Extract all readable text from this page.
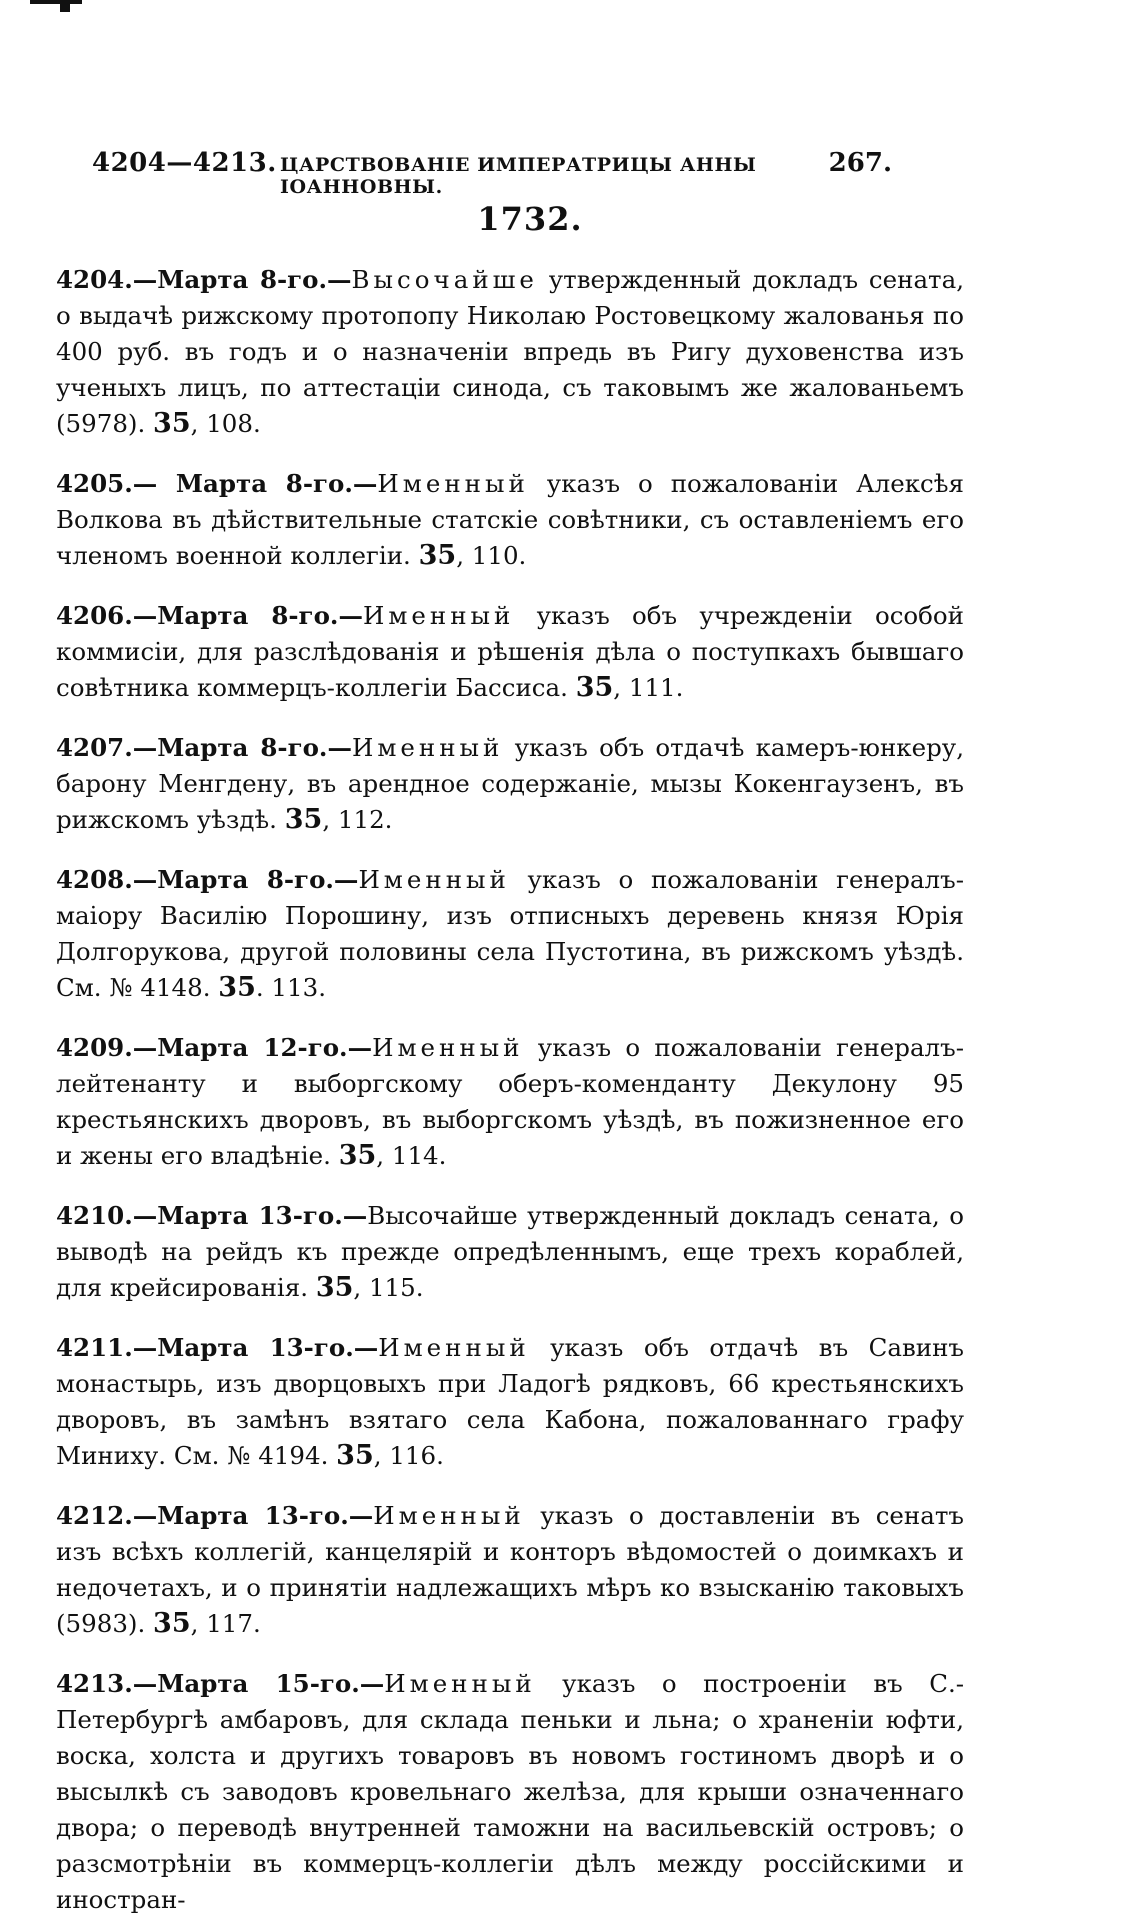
4204—4213. ЦАРСТВОВАНІЕ ИМПЕРАТРИЦЫ АННЫ ІОАННОВНЫ.
267.
1732.
4204.—Марта 8-го.—Высочайше утвержденный докладъ сената, о выдачѣ рижскому протопопу Николаю Ростовецкому жалованья по 400 руб. въ годъ и о назначеніи впредь въ Ригу духовенства изъ ученыхъ лицъ, по аттестаціи синода, съ таковымъ же жалованьемъ (5978). 35, 108.
4205.— Марта 8-го.—Именный указъ о пожалованіи Алексѣя Волкова въ дѣйствительные статскіе совѣтники, съ оставленіемъ его членомъ военной коллегіи. 35, 110.
4206.—Марта 8-го.—Именный указъ объ учрежденіи особой коммисіи, для разслѣдованія и рѣшенія дѣла о поступкахъ бывшаго совѣтника коммерцъ-коллегіи Бассиса. 35, 111.
4207.—Марта 8-го.—Именный указъ объ отдачѣ камеръ-юнкеру, барону Менгдену, въ арендное содержаніе, мызы Кокенгаузенъ, въ рижскомъ уѣздѣ. 35, 112.
4208.—Марта 8-го.—Именный указъ о пожалованіи генералъ-маіору Василію Порошину, изъ отписныхъ деревень князя Юрія Долгорукова, другой половины села Пустотина, въ рижскомъ уѣздѣ. См. № 4148. 35. 113.
4209.—Марта 12-го.—Именный указъ о пожалованіи генералъ-лейтенанту и выборгскому оберъ-коменданту Декулону 95 крестьянскихъ дворовъ, въ выборгскомъ уѣздѣ, въ пожизненное его и жены его владѣніе. 35, 114.
4210.—Марта 13-го.—Высочайше утвержденный докладъ сената, о выводѣ на рейдъ къ прежде опредѣленнымъ, еще трехъ кораблей, для крейсированія. 35, 115.
4211.—Марта 13-го.—Именный указъ объ отдачѣ въ Савинъ монастырь, изъ дворцовыхъ при Ладогѣ рядковъ, 66 крестьянскихъ дворовъ, въ замѣнъ взятаго села Кабона, пожалованнаго графу Миниху. См. № 4194. 35, 116.
4212.—Марта 13-го.—Именный указъ о доставленіи въ сенатъ изъ всѣхъ коллегій, канцелярій и конторъ вѣдомостей о доимкахъ и недочетахъ, и о принятіи надлежащихъ мѣръ ко взысканію таковыхъ (5983). 35, 117.
4213.—Марта 15-го.—Именный указъ о построеніи въ С.-Петербургѣ амбаровъ, для склада пеньки и льна; о храненіи юфти, воска, холста и другихъ товаровъ въ новомъ гостиномъ дворѣ и о высылкѣ съ заводовъ кровельнаго желѣза, для крыши означеннаго двора; о переводѣ внутренней таможни на васильевскій островъ; о разсмотрѣніи въ коммерцъ-коллегіи дѣлъ между россійскими и иностран-
